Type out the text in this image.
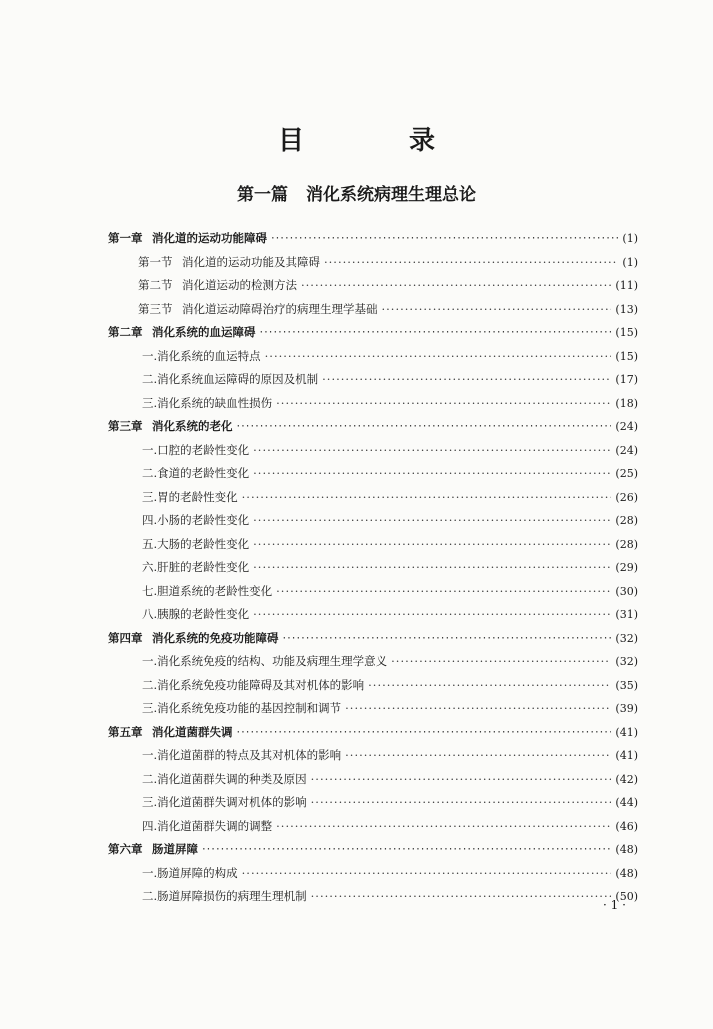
目 录
第一篇 消化系统病理生理总论
第一章 消化道的运动功能障碍 ·····	(1)
第一节 消化道的运动功能及其障碍 ·····	(1)
第二节 消化道运动的检测方法 ·····	(11)
第三节 消化道运动障碍治疗的病理生理学基础 ·····	(13)
第二章 消化系统的血运障碍 ·····	(15)
一.消化系统的血运特点 ·····	(15)
二.消化系统血运障碍的原因及机制 ·····	(17)
三.消化系统的缺血性损伤 ·····	(18)
第三章 消化系统的老化 ·····	(24)
一.口腔的老龄性变化 ·····	(24)
二.食道的老龄性变化 ·····	(25)
三.胃的老龄性变化 ·····	(26)
四.小肠的老龄性变化 ·····	(28)
五.大肠的老龄性变化 ·····	(28)
六.肝脏的老龄性变化 ·····	(29)
七.胆道系统的老龄性变化 ·····	(30)
八.胰腺的老龄性变化 ·····	(31)
第四章 消化系统的免疫功能障碍 ·····	(32)
一.消化系统免疫的结构、功能及病理生理学意义 ·····	(32)
二.消化系统免疫功能障碍及其对机体的影响 ·····	(35)
三.消化系统免疫功能的基因控制和调节 ·····	(39)
第五章 消化道菌群失调 ·····	(41)
一.消化道菌群的特点及其对机体的影响 ·····	(41)
二.消化道菌群失调的种类及原因 ·····	(42)
三.消化道菌群失调对机体的影响 ·····	(44)
四.消化道菌群失调的调整 ·····	(46)
第六章 肠道屏障 ·····	(48)
一.肠道屏障的构成 ·····	(48)
二.肠道屏障损伤的病理生理机制 ·····	(50)
· 1 ·
